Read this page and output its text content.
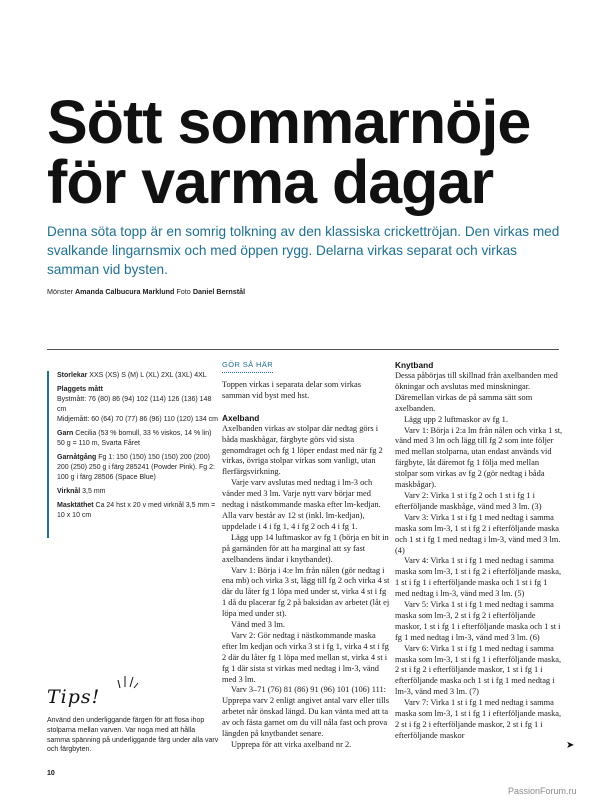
Sött sommarnöje
för varma dagar
Denna söta topp är en somrig tolkning av den klassiska crickettröjan. Den virkas med svalkande lingarnsmix och med öppen rygg. Delarna virkas separat och virkas samman vid bysten.
Mönster Amanda Calbucura Marklund Foto Daniel Bernstål
Storlekar XXS (XS) S (M) L (XL) 2XL (3XL) 4XL
Plaggets mått
Bystmått: 76 (80) 86 (94) 102 (114) 126 (136) 148 cm
Midjemått: 60 (64) 70 (77) 86 (96) 110 (120) 134 cm
Garn Cecilia (53 % bomull, 33 % viskos, 14 % lin) 50 g = 110 m, Svarta Fåret
Garnåtgång Fg 1: 150 (150) 150 (150) 200 (200) 200 (250) 250 g i färg 285241 (Powder Pink). Fg 2: 100 g i färg 28506 (Space Blue)
Virknål 3,5 mm
Masktäthet Ca 24 hst x 20 v med virknål 3,5 mm = 10 x 10 cm
Tips!
Använd den underliggande färgen för att flosa ihop stolparna mellan varven. Var noga med att hålla samma spänning på underliggande färg under alla varv och färgbyten.
10
GÖR SÅ HÄR

Toppen virkas i separata delar som virkas samman vid byst med hst.

Axelband

Axelbanden virkas av stolpar där nedtag görs i båda maskbågar, färgbyte görs vid sista genomdraget och fg 1 löper endast med när fg 2 virkas, övriga stolpar virkas som vanligt, utan flerfärgsvirkning.

Varje varv avslutas med nedtag i lm-3 och vänder med 3 lm. Varje nytt varv börjar med nedtag i nästkommande maska efter lm-kedjan. Alla varv består av 12 st (inkl. lm-kedjan), uppdelade i 4 i fg 1, 4 i fg 2 och 4 i fg 1.

Lägg upp 14 luftmaskor av fg 1 (börja en bit in på garnänden för att ha marginal att sy fast axelbandens ändar i knytbandet).

Varv 1: Börja i 4:e lm från nålen (gör nedtag i ena mb) och virka 3 st, lägg till fg 2 och virka 4 st där du låter fg 1 löpa med under st, virka 4 st i fg 1 då du placerar fg 2 på baksidan av arbetet (låt ej löpa med under st).

Vänd med 3 lm.

Varv 2: Gör nedtag i nästkommande maska efter lm kedjan och virka 3 st i fg 1, virka 4 st i fg 2 där du låter fg 1 löpa med mellan st, virka 4 st i fg 1 där sista st virkas med nedtag i lm-3, vänd med 3 lm.

Varv 3–71 (76) 81 (86) 91 (96) 101 (106) 111: Upprepa varv 2 enligt angivet antal varv eller tills arbetet når önskad längd. Du kan vänta med att ta av och fästa garnet om du vill nåla fast och prova längden på knytbandet senare.

Upprepa för att virka axelband nr 2.

Knytband

Dessa påbörjas till skillnad från axelbanden med ökningar och avslutas med minskningar. Däremellan virkas de på samma sätt som axelbanden.

Lägg upp 2 luftmaskor av fg 1.

Varv 1: Börja i 2:a lm från nålen och virka 1 st, vänd med 3 lm och lägg till fg 2 som inte följer med mellan stolparna, utan endast används vid färgbyte, låt däremot fg 1 följa med mellan stolpar som virkas av fg 2 (gör nedtag i båda maskbågar).

Varv 2: Virka 1 st i fg 2 och 1 st i fg 1 i efterföljande maskbåge, vänd med 3 lm. (3)

Varv 3: Virka 1 st i fg 1 med nedtag i samma maska som lm-3, 1 st i fg 2 i efterföljande maska och 1 st i fg 1 med nedtag i lm-3, vänd med 3 lm. (4)

Varv 4: Virka 1 st i fg 1 med nedtag i samma maska som lm-3, 1 st i fg 2 i efterföljande maska, 1 st i fg 1 i efterföljande maska och 1 st i fg 1 med nedtag i lm-3, vänd med 3 lm. (5)

Varv 5: Virka 1 st i fg 1 med nedtag i samma maska som lm-3, 2 st i fg 2 i efterföljande maskor, 1 st i fg 1 i efterföljande maska och 1 st i fg 1 med nedtag i lm-3, vänd med 3 lm. (6)

Varv 6: Virka 1 st i fg 1 med nedtag i samma maska som lm-3, 1 st i fg 1 i efterföljande maska, 2 st i fg 2 i efterföljande maskor, 1 st i fg 1 i efterföljande maska och 1 st i fg 1 med nedtag i lm-3, vänd med 3 lm. (7)

Varv 7: Virka 1 st i fg 1 med nedtag i samma maska som lm-3, 1 st i fg 1 i efterföljande maska, 2 st i fg 2 i efterföljande maskor, 2 st i fg 1 i efterföljande maskor

➤
PassionForum.ru
